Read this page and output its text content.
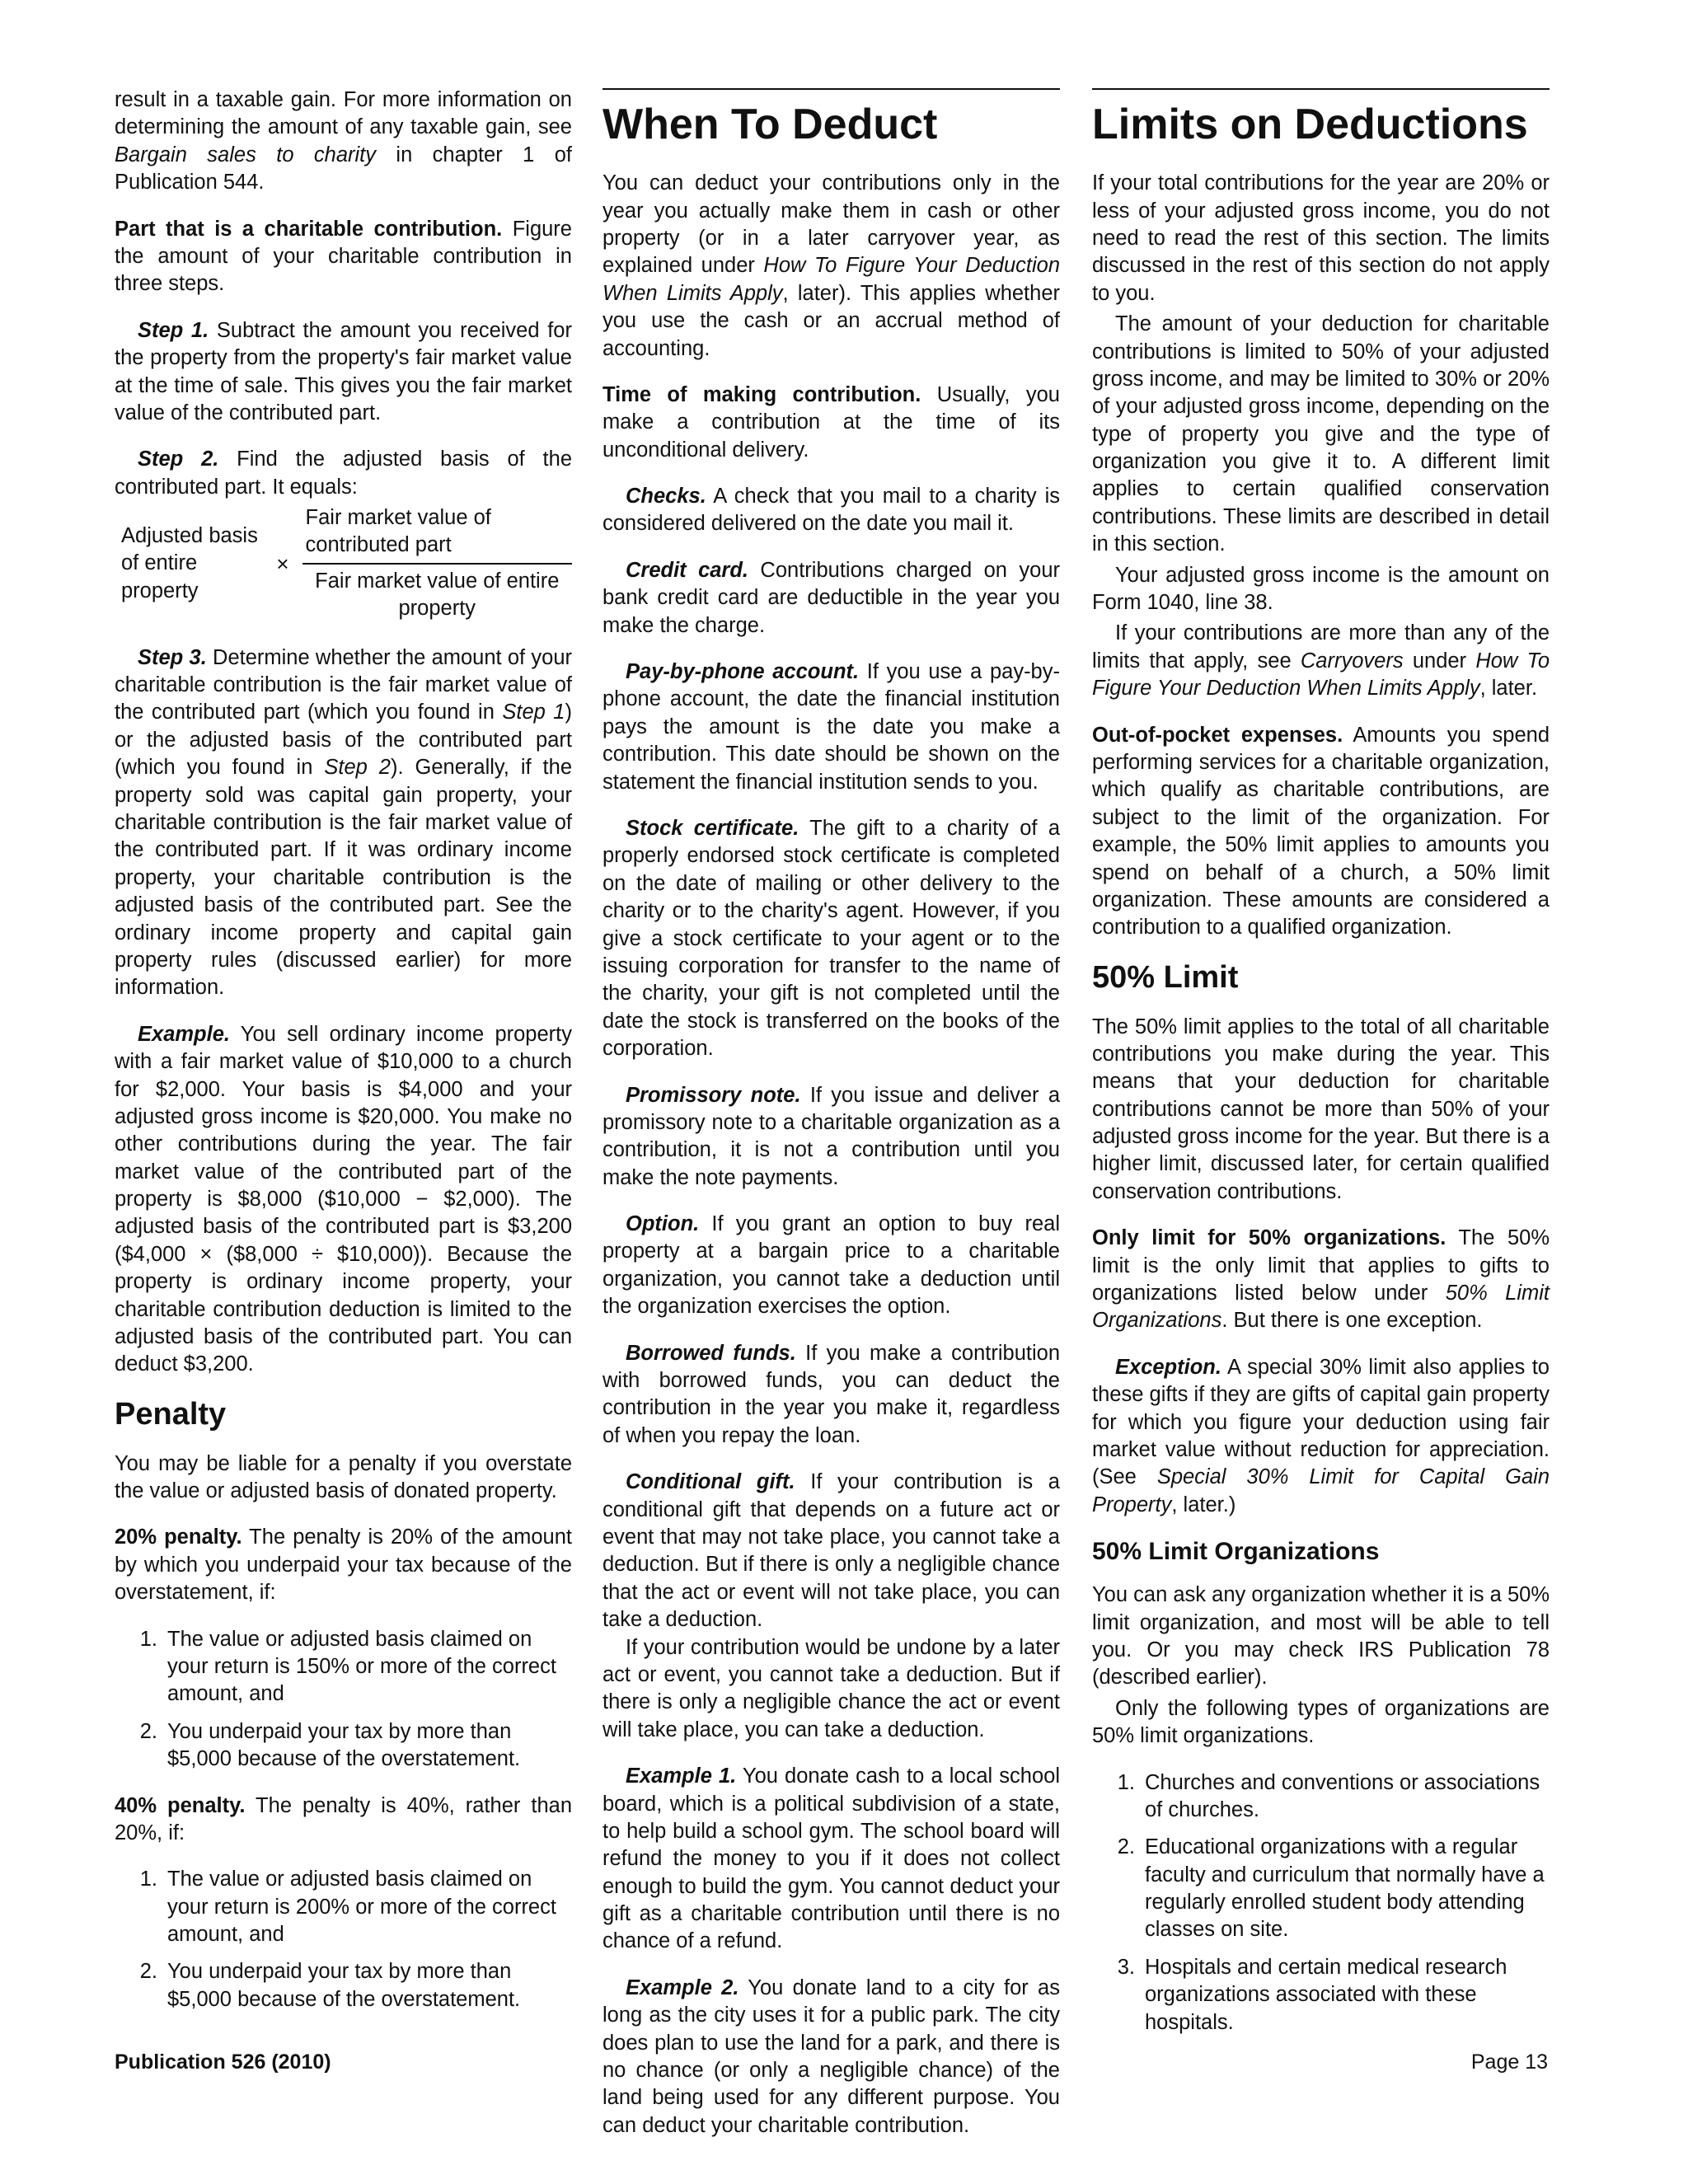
result in a taxable gain. For more information on determining the amount of any taxable gain, see Bargain sales to charity in chapter 1 of Publication 544.

Part that is a charitable contribution. Figure the amount of your charitable contribution in three steps.

Step 1. Subtract the amount you received for the property from the property's fair market value at the time of sale. This gives you the fair market value of the contributed part.

Step 2. Find the adjusted basis of the contributed part. It equals:

Adjusted basis of entire property
× $\frac{\text{Fair market value of contributed part}}{\text{Fair market value of entire property}}$

Step 3. Determine whether the amount of your charitable contribution is the fair market value of the contributed part (which you found in Step 1) or the adjusted basis of the contributed part (which you found in Step 2). Generally, if the property sold was capital gain property, your charitable contribution is the fair market value of the contributed part. If it was ordinary income property, your charitable contribution is the adjusted basis of the contributed part. See the ordinary income property and capital gain property rules (discussed earlier) for more information.

Example. You sell ordinary income property with a fair market value of $10,000 to a church for $2,000. Your basis is $4,000 and your adjusted gross income is $20,000. You make no other contributions during the year. The fair market value of the contributed part of the property is $8,000 ($10,000 − $2,000). The adjusted basis of the contributed part is $3,200 ($4,000 × ($8,000 ÷ $10,000)). Because the property is ordinary income property, your charitable contribution deduction is limited to the adjusted basis of the contributed part. You can deduct $3,200.

Penalty

You may be liable for a penalty if you overstate the value or adjusted basis of donated property.

20% penalty. The penalty is 20% of the amount by which you underpaid your tax because of the overstatement, if:

1. The value or adjusted basis claimed on your return is 150% or more of the correct amount, and
2. You underpaid your tax by more than $5,000 because of the overstatement.

40% penalty. The penalty is 40%, rather than 20%, if:

1. The value or adjusted basis claimed on your return is 200% or more of the correct amount, and
2. You underpaid your tax by more than $5,000 because of the overstatement.
When To Deduct

You can deduct your contributions only in the year you actually make them in cash or other property (or in a later carryover year, as explained under How To Figure Your Deduction When Limits Apply, later). This applies whether you use the cash or an accrual method of accounting.

Time of making contribution. Usually, you make a contribution at the time of its unconditional delivery.

Checks. A check that you mail to a charity is considered delivered on the date you mail it.

Credit card. Contributions charged on your bank credit card are deductible in the year you make the charge.

Pay-by-phone account. If you use a pay-by-phone account, the date the financial institution pays the amount is the date you make a contribution. This date should be shown on the statement the financial institution sends to you.

Stock certificate. The gift to a charity of a properly endorsed stock certificate is completed on the date of mailing or other delivery to the charity or to the charity's agent. However, if you give a stock certificate to your agent or to the issuing corporation for transfer to the name of the charity, your gift is not completed until the date the stock is transferred on the books of the corporation.

Promissory note. If you issue and deliver a promissory note to a charitable organization as a contribution, it is not a contribution until you make the note payments.

Option. If you grant an option to buy real property at a bargain price to a charitable organization, you cannot take a deduction until the organization exercises the option.

Borrowed funds. If you make a contribution with borrowed funds, you can deduct the contribution in the year you make it, regardless of when you repay the loan.

Conditional gift. If your contribution is a conditional gift that depends on a future act or event that may not take place, you cannot take a deduction. But if there is only a negligible chance that the act or event will not take place, you can take a deduction.

If your contribution would be undone by a later act or event, you cannot take a deduction. But if there is only a negligible chance the act or event will take place, you can take a deduction.

Example 1. You donate cash to a local school board, which is a political subdivision of a state, to help build a school gym. The school board will refund the money to you if it does not collect enough to build the gym. You cannot deduct your gift as a charitable contribution until there is no chance of a refund.

Example 2. You donate land to a city for as long as the city uses it for a public park. The city does plan to use the land for a park, and there is no chance (or only a negligible chance) of the land being used for any different purpose. You can deduct your charitable contribution.

Limits on Deductions

If your total contributions for the year are 20% or less of your adjusted gross income, you do not need to read the rest of this section. The limits discussed in the rest of this section do not apply to you.

The amount of your deduction for charitable contributions is limited to 50% of your adjusted gross income, and may be limited to 30% or 20% of your adjusted gross income, depending on the type of property you give and the type of organization you give it to. A different limit applies to certain qualified conservation contributions. These limits are described in detail in this section.

Your adjusted gross income is the amount on Form 1040, line 38.

If your contributions are more than any of the limits that apply, see Carryovers under How To Figure Your Deduction When Limits Apply, later.

Out-of-pocket expenses. Amounts you spend performing services for a charitable organization, which qualify as charitable contributions, are subject to the limit of the organization. For example, the 50% limit applies to amounts you spend on behalf of a church, a 50% limit organization. These amounts are considered a contribution to a qualified organization.

50% Limit

The 50% limit applies to the total of all charitable contributions you make during the year. This means that your deduction for charitable contributions cannot be more than 50% of your adjusted gross income for the year. But there is a higher limit, discussed later, for certain qualified conservation contributions.

Only limit for 50% organizations. The 50% limit is the only limit that applies to gifts to organizations listed below under 50% Limit Organizations. But there is one exception.

Exception. A special 30% limit also applies to these gifts if they are gifts of capital gain property for which you figure your deduction using fair market value without reduction for appreciation. (See Special 30% Limit for Capital Gain Property, later.)

50% Limit Organizations

You can ask any organization whether it is a 50% limit organization, and most will be able to tell you. Or you may check IRS Publication 78 (described earlier).

Only the following types of organizations are 50% limit organizations.

1. Churches and conventions or associations of churches.
2. Educational organizations with a regular faculty and curriculum that normally have a regularly enrolled student body attending classes on site.
3. Hospitals and certain medical research organizations associated with these hospitals.
Publication 526 (2010)	Page 13
